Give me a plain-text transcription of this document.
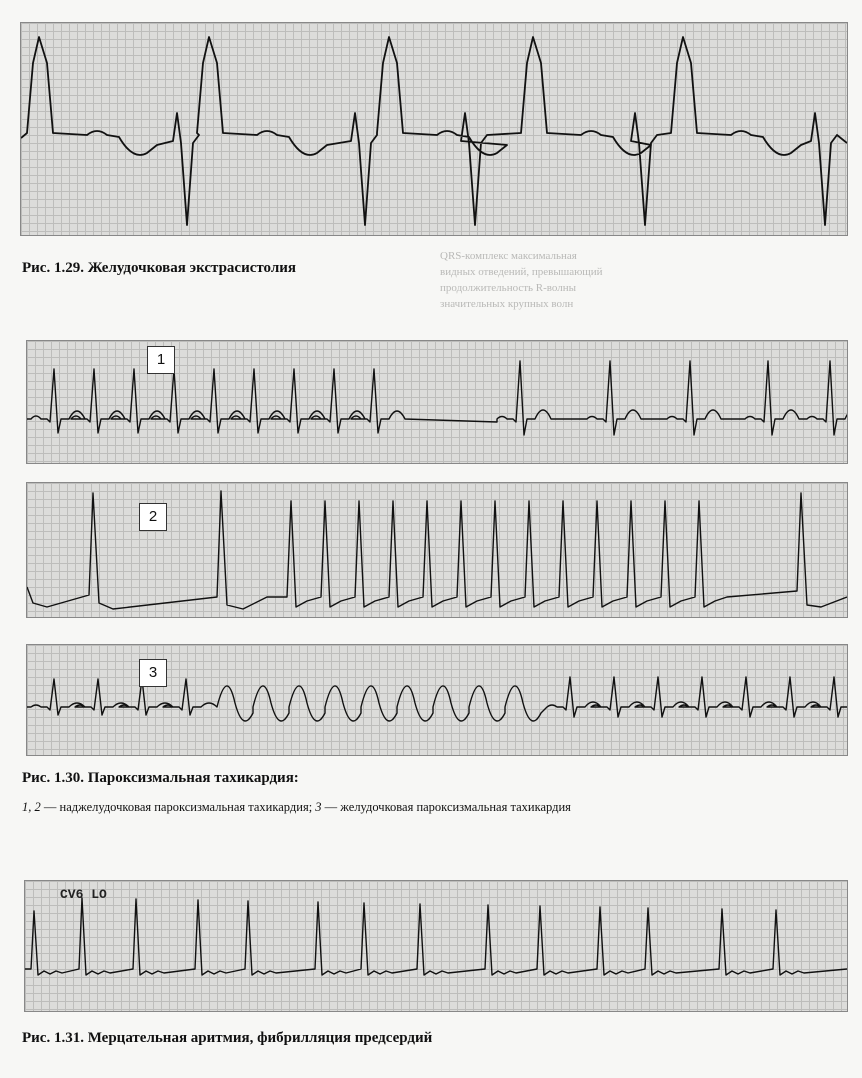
QRS-комплекс максимальная
видных отведений, превышающий
продолжительность R-волны
значительных крупных волн

Рис. 1.29. Желудочковая экстрасистолия

1
2
3

Рис. 1.30. Пароксизмальная тахикардия:

1, 2 — наджелудочковая пароксизмальная тахикардия; 3 — желудочковая пароксизмальная тахикардия

СV6 LO

Рис. 1.31. Мерцательная аритмия, фибрилляция предсердий
